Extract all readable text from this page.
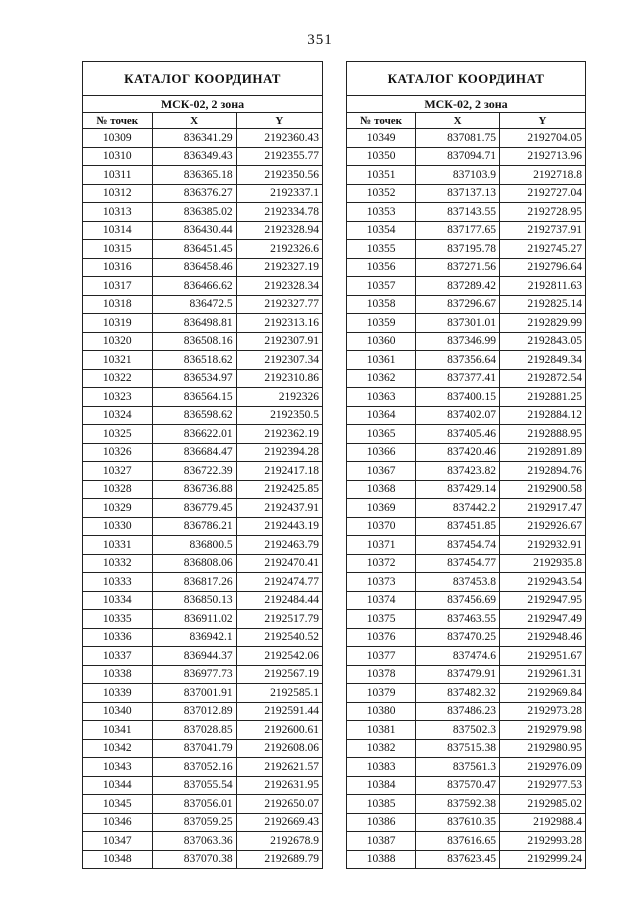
351
КАТАЛОГ КООРДИНАТ		
МСК-02, 2 зона		
№ точек	X	Y
10309	836341.29	2192360.43
10310	836349.43	2192355.77
10311	836365.18	2192350.56
10312	836376.27	2192337.1
10313	836385.02	2192334.78
10314	836430.44	2192328.94
10315	836451.45	2192326.6
10316	836458.46	2192327.19
10317	836466.62	2192328.34
10318	836472.5	2192327.77
10319	836498.81	2192313.16
10320	836508.16	2192307.91
10321	836518.62	2192307.34
10322	836534.97	2192310.86
10323	836564.15	2192326
10324	836598.62	2192350.5
10325	836622.01	2192362.19
10326	836684.47	2192394.28
10327	836722.39	2192417.18
10328	836736.88	2192425.85
10329	836779.45	2192437.91
10330	836786.21	2192443.19
10331	836800.5	2192463.79
10332	836808.06	2192470.41
10333	836817.26	2192474.77
10334	836850.13	2192484.44
10335	836911.02	2192517.79
10336	836942.1	2192540.52
10337	836944.37	2192542.06
10338	836977.73	2192567.19
10339	837001.91	2192585.1
10340	837012.89	2192591.44
10341	837028.85	2192600.61
10342	837041.79	2192608.06
10343	837052.16	2192621.57
10344	837055.54	2192631.95
10345	837056.01	2192650.07
10346	837059.25	2192669.43
10347	837063.36	2192678.9
10348	837070.38	2192689.79
КАТАЛОГ КООРДИНАТ		
МСК-02, 2 зона		
№ точек	X	Y
10349	837081.75	2192704.05
10350	837094.71	2192713.96
10351	837103.9	2192718.8
10352	837137.13	2192727.04
10353	837143.55	2192728.95
10354	837177.65	2192737.91
10355	837195.78	2192745.27
10356	837271.56	2192796.64
10357	837289.42	2192811.63
10358	837296.67	2192825.14
10359	837301.01	2192829.99
10360	837346.99	2192843.05
10361	837356.64	2192849.34
10362	837377.41	2192872.54
10363	837400.15	2192881.25
10364	837402.07	2192884.12
10365	837405.46	2192888.95
10366	837420.46	2192891.89
10367	837423.82	2192894.76
10368	837429.14	2192900.58
10369	837442.2	2192917.47
10370	837451.85	2192926.67
10371	837454.74	2192932.91
10372	837454.77	2192935.8
10373	837453.8	2192943.54
10374	837456.69	2192947.95
10375	837463.55	2192947.49
10376	837470.25	2192948.46
10377	837474.6	2192951.67
10378	837479.91	2192961.31
10379	837482.32	2192969.84
10380	837486.23	2192973.28
10381	837502.3	2192979.98
10382	837515.38	2192980.95
10383	837561.3	2192976.09
10384	837570.47	2192977.53
10385	837592.38	2192985.02
10386	837610.35	2192988.4
10387	837616.65	2192993.28
10388	837623.45	2192999.24
